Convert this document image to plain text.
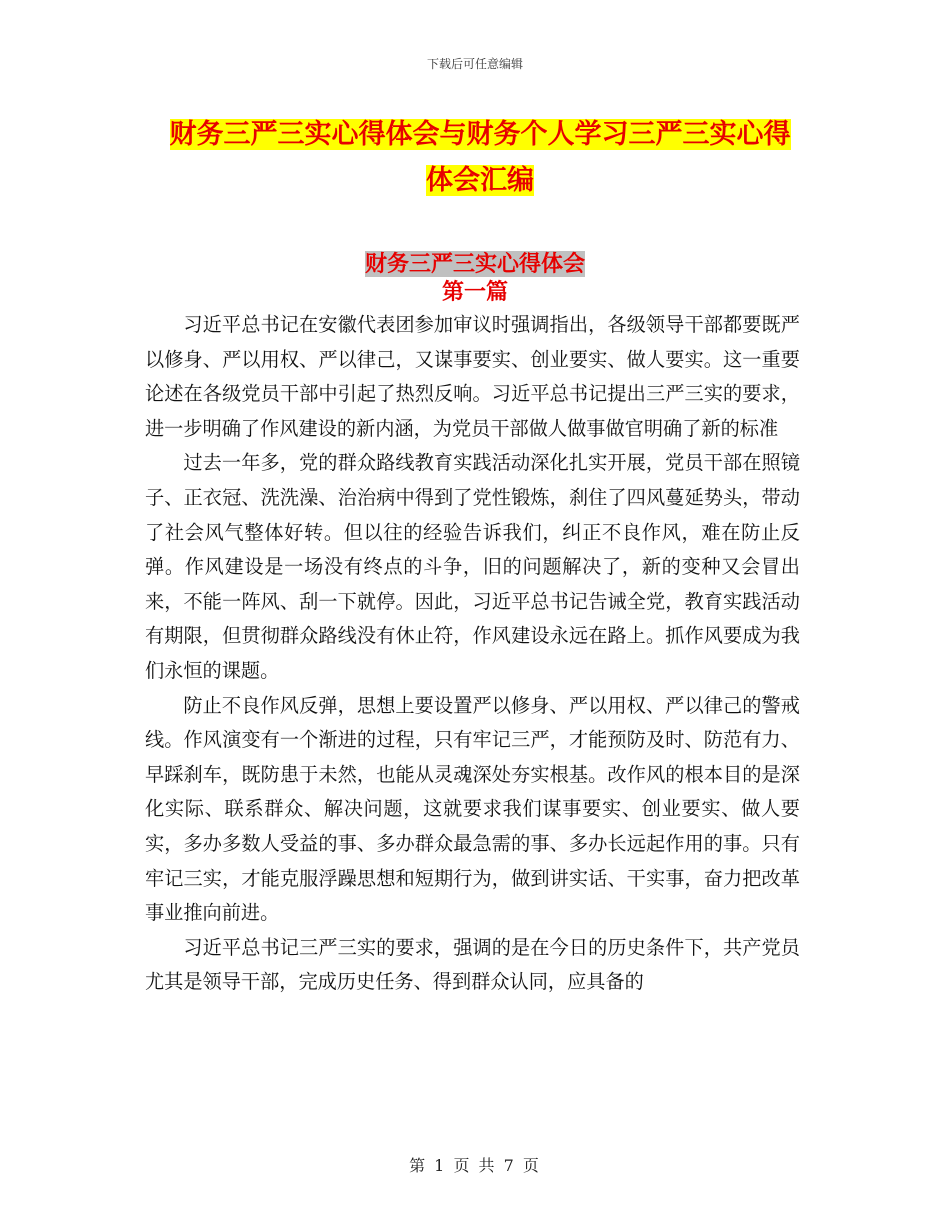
下载后可任意编辑
财务三严三实心得体会与财务个人学习三严三实心得
体会汇编
财务三严三实心得体会
第一篇

习近平总书记在安徽代表团参加审议时强调指出，各级领导干部都要既严以修身、严以用权、严以律己，又谋事要实、创业要实、做人要实。这一重要论述在各级党员干部中引起了热烈反响。习近平总书记提出三严三实的要求，进一步明确了作风建设的新内涵，为党员干部做人做事做官明确了新的标准

过去一年多，党的群众路线教育实践活动深化扎实开展，党员干部在照镜子、正衣冠、洗洗澡、治治病中得到了党性锻炼，刹住了四风蔓延势头，带动了社会风气整体好转。但以往的经验告诉我们，纠正不良作风，难在防止反弹。作风建设是一场没有终点的斗争，旧的问题解决了，新的变种又会冒出来，不能一阵风、刮一下就停。因此，习近平总书记告诫全党，教育实践活动有期限，但贯彻群众路线没有休止符，作风建设永远在路上。抓作风要成为我们永恒的课题。

防止不良作风反弹，思想上要设置严以修身、严以用权、严以律己的警戒线。作风演变有一个渐进的过程，只有牢记三严，才能预防及时、防范有力、早踩刹车，既防患于未然，也能从灵魂深处夯实根基。改作风的根本目的是深化实际、联系群众、解决问题，这就要求我们谋事要实、创业要实、做人要实，多办多数人受益的事、多办群众最急需的事、多办长远起作用的事。只有牢记三实，才能克服浮躁思想和短期行为，做到讲实话、干实事，奋力把改革事业推向前进。

习近平总书记三严三实的要求，强调的是在今日的历史条件下，共产党员尤其是领导干部，完成历史任务、得到群众认同，应具备的

第 1 页 共 7 页
